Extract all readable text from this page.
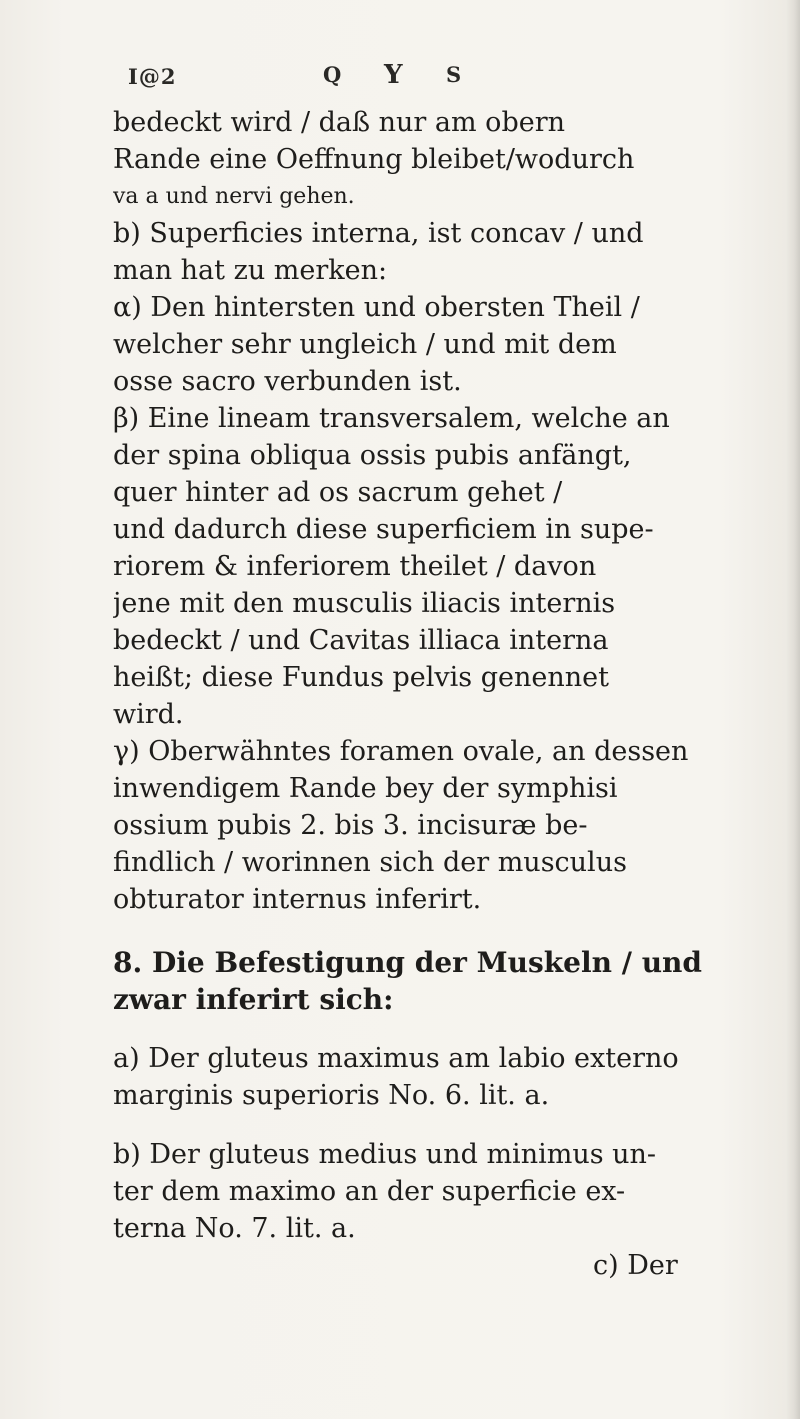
I@2	Q Y S
bedeckt wird / daß nur am obern
Rande eine Oeffnung bleibet/wodurch
va a und nervi gehen.
b) Superficies interna, ist concav / und
man hat zu merken:
α) Den hintersten und obersten Theil /
welcher sehr ungleich / und mit dem
osse sacro verbunden ist.
β) Eine lineam transversalem, welche an
der spina obliqua ossis pubis anfängt,
quer hinter ad os sacrum gehet /
und dadurch diese superficiem in supe-
riorem & inferiorem theilet / davon
jene mit den musculis iliacis internis
bedeckt / und Cavitas illiaca interna
heißt; diese Fundus pelvis genennet
wird.
γ) Oberwähntes foramen ovale, an dessen
inwendigem Rande bey der symphisi
ossium pubis 2. bis 3. incisuræ be-
findlich / worinnen sich der musculus
obturator internus inferirt.
8. Die Befestigung der Muskeln / und
zwar inferirt sich:
a) Der gluteus maximus am labio externo
marginis superioris No. 6. lit. a.
b) Der gluteus medius und minimus un-
ter dem maximo an der superficie ex-
terna No. 7. lit. a.
c) Der
